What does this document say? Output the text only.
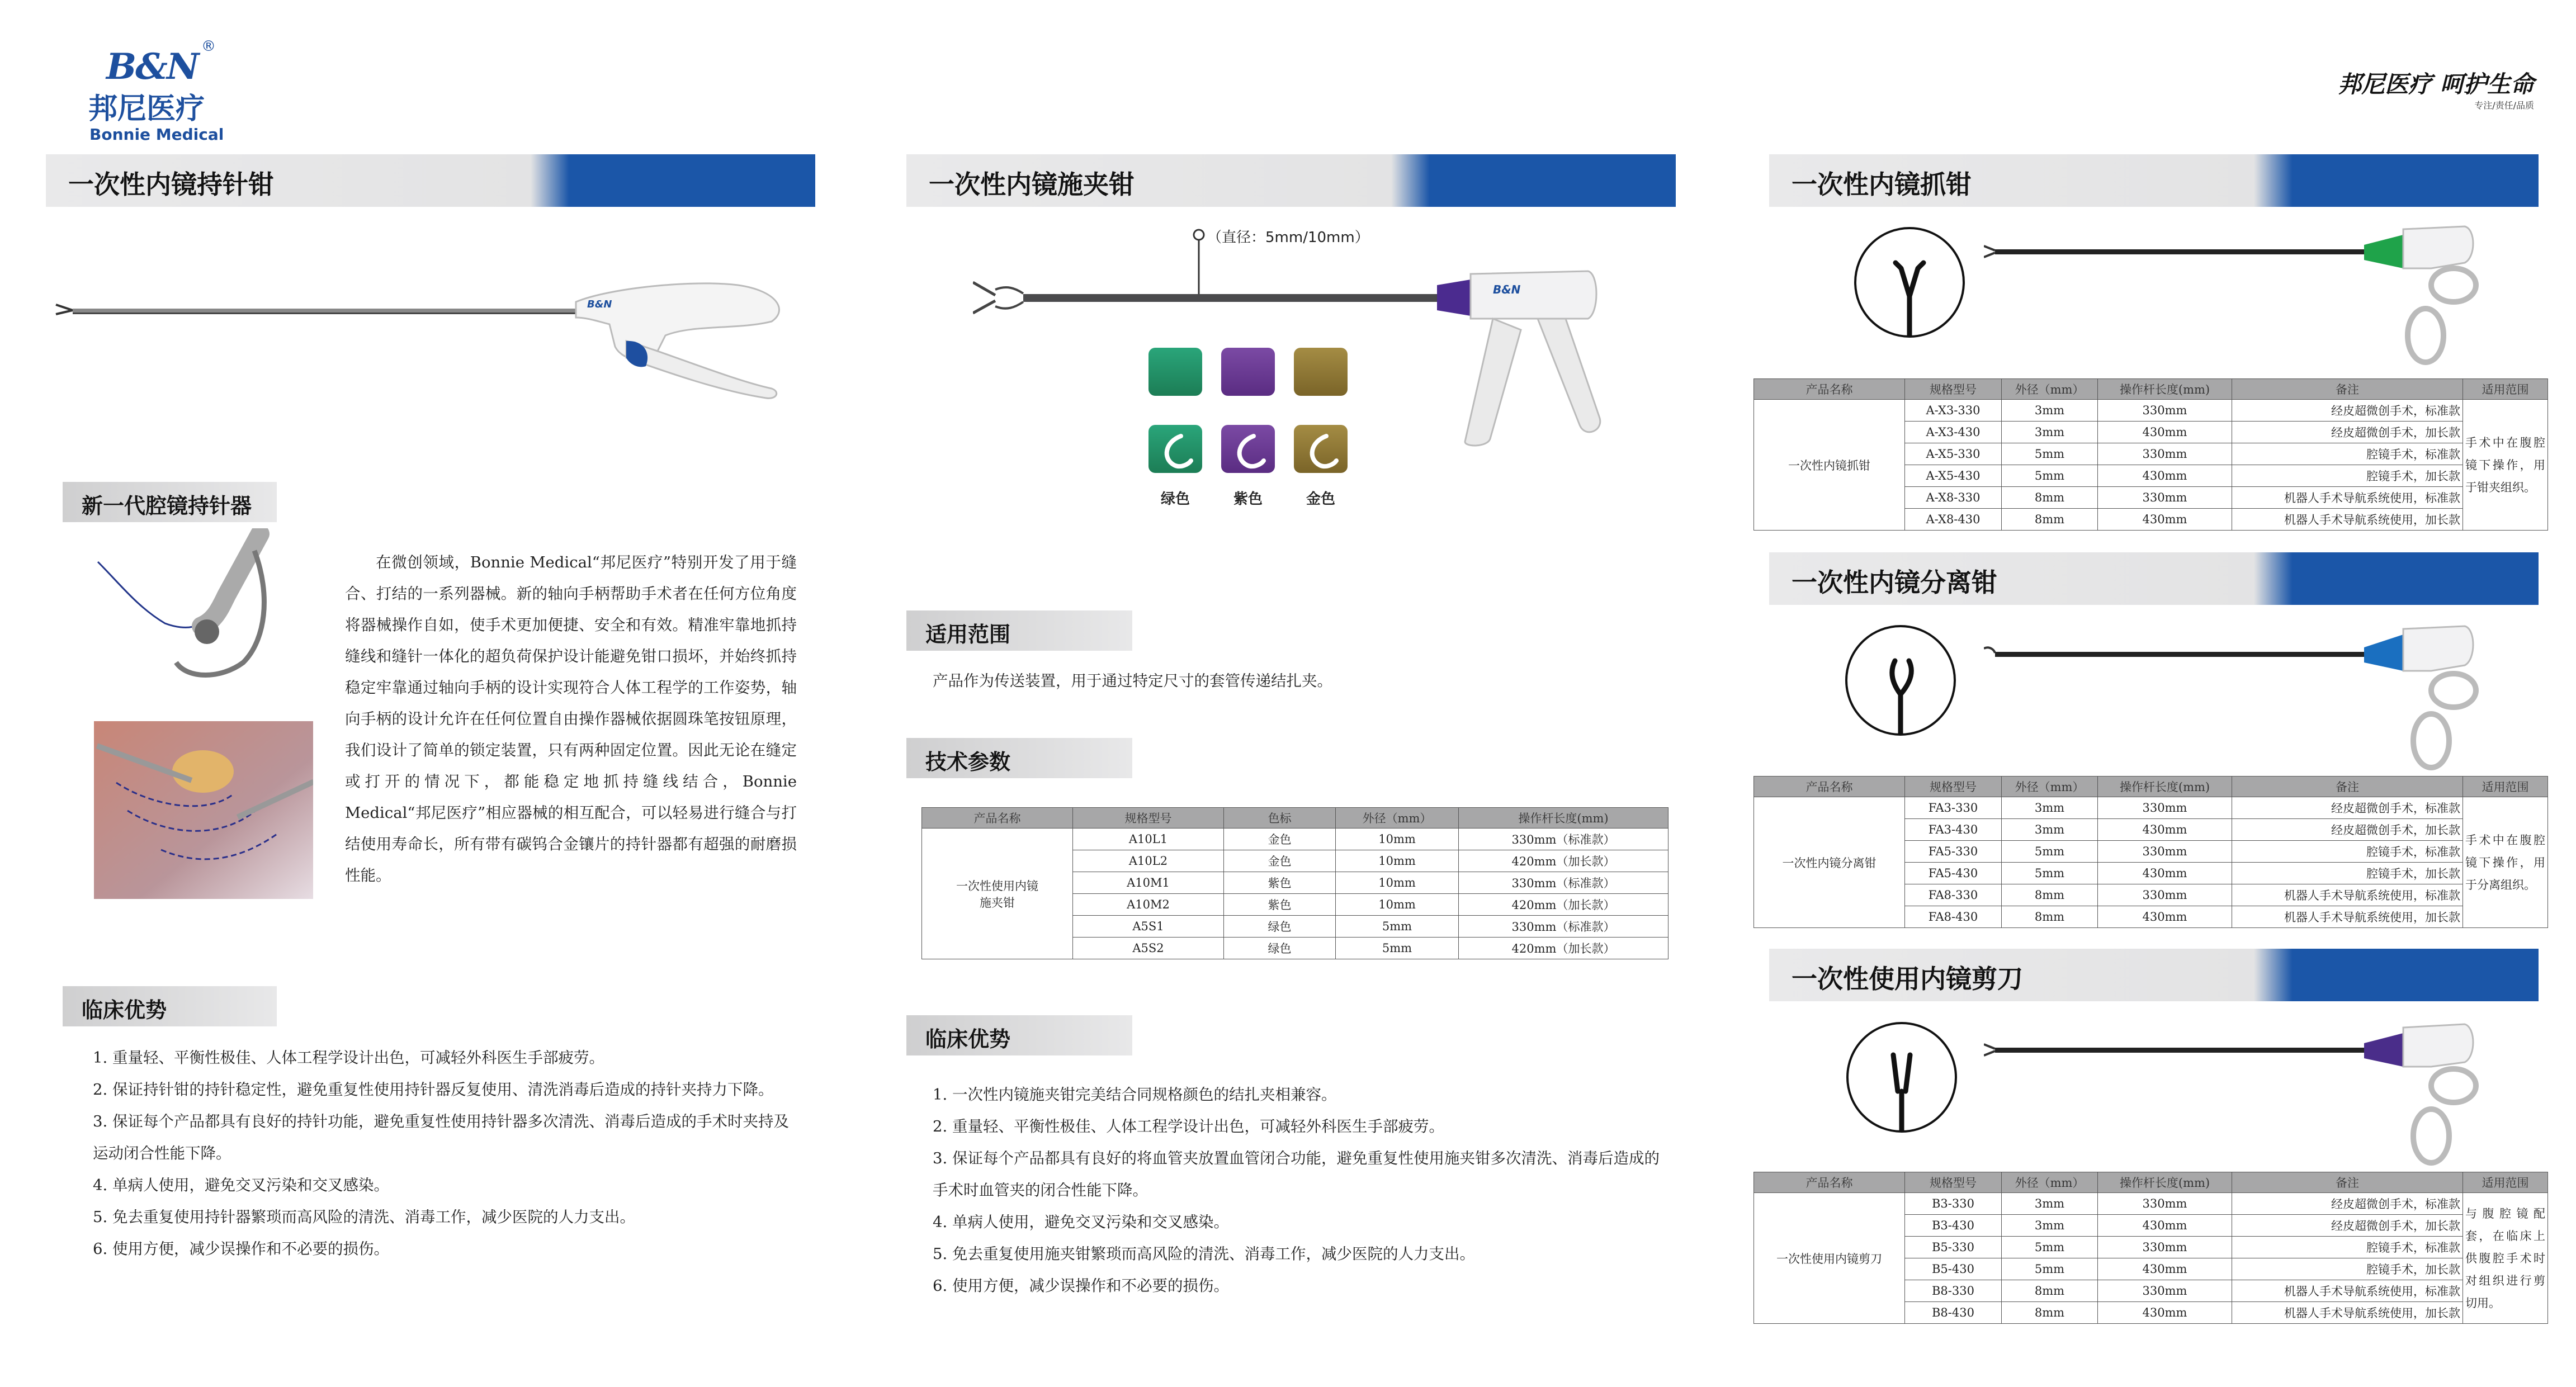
B&N ®
邦尼医疗
Bonnie Medical
邦尼医疗 呵护生命
专注/责任/品质
一次性内镜持针钳
B&N
新一代腔镜持针器
在微创领域，Bonnie Medical“邦尼医疗”特别开发了用于缝合、打结的一系列器械。新的轴向手柄帮助手术者在任何方位角度将器械操作自如，使手术更加便捷、安全和有效。精准牢靠地抓持缝线和缝针一体化的超负荷保护设计能避免钳口损坏，并始终抓持稳定牢靠通过轴向手柄的设计实现符合人体工程学的工作姿势，轴向手柄的设计允许在任何位置自由操作器械依据圆珠笔按钮原理，我们设计了简单的锁定装置，只有两种固定位置。因此无论在缝定或打开的情况下，都能稳定地抓持缝线结合，Bonnie Medical“邦尼医疗”相应器械的相互配合，可以轻易进行缝合与打结使用寿命长，所有带有碳钨合金镶片的持针器都有超强的耐磨损性能。
临床优势
1. 重量轻、平衡性极佳、人体工程学设计出色，可减轻外科医生手部疲劳。
2. 保证持针钳的持针稳定性，避免重复性使用持针器反复使用、清洗消毒后造成的持针夹持力下降。
3. 保证每个产品都具有良好的持针功能，避免重复性使用持针器多次清洗、消毒后造成的手术时夹持及运动闭合性能下降。
4. 单病人使用，避免交叉污染和交叉感染。
5. 免去重复使用持针器繁琐而高风险的清洗、消毒工作，减少医院的人力支出。
6. 使用方便，减少误操作和不必要的损伤。
一次性内镜施夹钳
B&N
（直径：5mm/10mm）
绿色	紫色	金色
适用范围
产品作为传送装置，用于通过特定尺寸的套管传递结扎夹。
技术参数
产品名称	规格型号	色标	外径（mm）	操作杆长度(mm)
一次性使用内镜施夹钳	A10L1	金色	10mm	330mm（标准款）
	A10L2	金色	10mm	420mm（加长款）
	A10M1	紫色	10mm	330mm（标准款）
	A10M2	紫色	10mm	420mm（加长款）
	A5S1	绿色	5mm	330mm（标准款）
	A5S2	绿色	5mm	420mm（加长款）
临床优势
1. 一次性内镜施夹钳完美结合同规格颜色的结扎夹相兼容。
2. 重量轻、平衡性极佳、人体工程学设计出色，可减轻外科医生手部疲劳。
3. 保证每个产品都具有良好的将血管夹放置血管闭合功能，避免重复性使用施夹钳多次清洗、消毒后造成的手术时血管夹的闭合性能下降。
4. 单病人使用，避免交叉污染和交叉感染。
5. 免去重复使用施夹钳繁琐而高风险的清洗、消毒工作，减少医院的人力支出。
6. 使用方便，减少误操作和不必要的损伤。
一次性内镜抓钳
产品名称	规格型号	外径（mm）	操作杆长度(mm)	备注	适用范围
一次性内镜抓钳	A-X3-330	3mm	330mm	经皮超微创手术，标准款	手术中在腹腔镜下操作，用于钳夹组织。
	A-X3-430	3mm	430mm	经皮超微创手术，加长款	
	A-X5-330	5mm	330mm	腔镜手术，标准款	
	A-X5-430	5mm	430mm	腔镜手术，加长款	
	A-X8-330	8mm	330mm	机器人手术导航系统使用，标准款	
	A-X8-430	8mm	430mm	机器人手术导航系统使用，加长款	
一次性内镜分离钳
产品名称	规格型号	外径（mm）	操作杆长度(mm)	备注	适用范围
一次性内镜分离钳	FA3-330	3mm	330mm	经皮超微创手术，标准款	手术中在腹腔镜下操作，用于分离组织。
	FA3-430	3mm	430mm	经皮超微创手术，加长款	
	FA5-330	5mm	330mm	腔镜手术，标准款	
	FA5-430	5mm	430mm	腔镜手术，加长款	
	FA8-330	8mm	330mm	机器人手术导航系统使用，标准款	
	FA8-430	8mm	430mm	机器人手术导航系统使用，加长款	
一次性使用内镜剪刀
产品名称	规格型号	外径（mm）	操作杆长度(mm)	备注	适用范围
一次性使用内镜剪刀	B3-330	3mm	330mm	经皮超微创手术，标准款	与腹腔镜配套，在临床上供腹腔手术时对组织进行剪切用。
	B3-430	3mm	430mm	经皮超微创手术，加长款	
	B5-330	5mm	330mm	腔镜手术，标准款	
	B5-430	5mm	430mm	腔镜手术，加长款	
	B8-330	8mm	330mm	机器人手术导航系统使用，标准款	
	B8-430	8mm	430mm	机器人手术导航系统使用，加长款	
